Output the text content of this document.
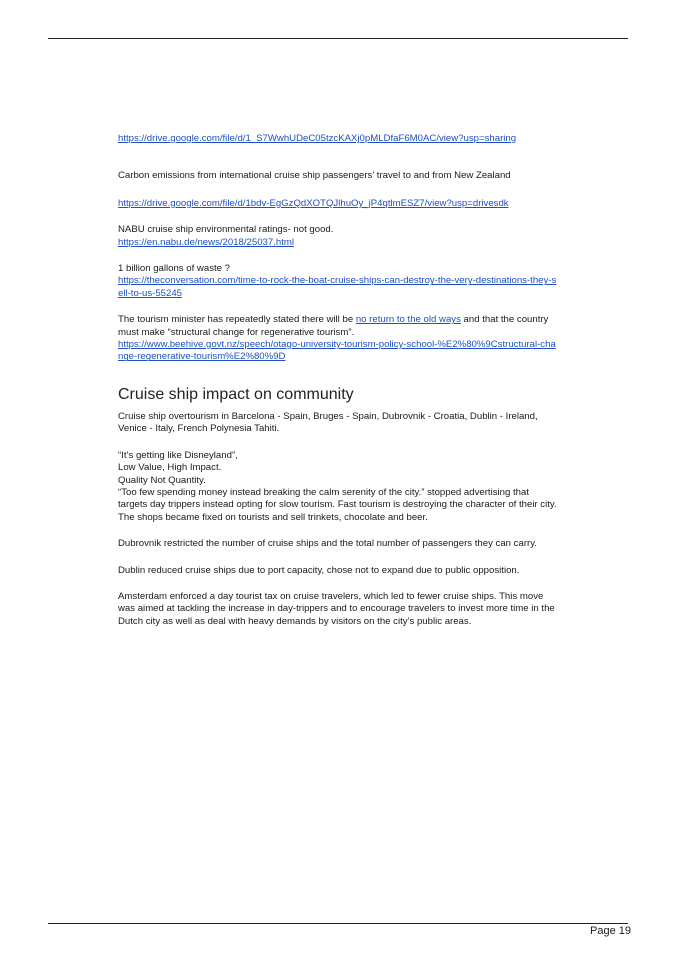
https://drive.google.com/file/d/1_S7WwhUDeC05tzcKAXj0pMLDfaF6M0AC/view?usp=sharing

Carbon emissions from international cruise ship passengers’ travel to and from New Zealand

https://drive.google.com/file/d/1bdv-EgGzQdXOTQJlhuOy_jP4qtlmESZ7/view?usp=drivesdk

NABU cruise ship environmental ratings- not good.

https://en.nabu.de/news/2018/25037.html

1 billion gallons of waste ?

https://theconversation.com/time-to-rock-the-boat-cruise-ships-can-destroy-the-very-destinations-they-sell-to-us-55245

The tourism minister has repeatedly stated there will be no return to the old ways and that the country must make “structural change for regenerative tourism”.

https://www.beehive.govt.nz/speech/otago-university-tourism-policy-school-%E2%80%9Cstructural-change-regenerative-tourism%E2%80%9D

Cruise ship impact on community

Cruise ship overtourism in Barcelona - Spain, Bruges - Spain, Dubrovnik - Croatia, Dublin - Ireland, Venice - Italy, French Polynesia Tahiti.

“It’s getting like Disneyland”,

Low Value, High Impact.

Quality Not Quantity.

“Too few spending money instead breaking the calm serenity of the city.” stopped advertising that targets day trippers instead opting for slow tourism. Fast tourism is destroying the character of their city.

The shops became fixed on tourists and sell trinkets, chocolate and beer.

Dubrovnik restricted the number of cruise ships and the total number of passengers they can carry.

Dublin reduced cruise ships due to port capacity, chose not to expand due to public opposition.

Amsterdam enforced a day tourist tax on cruise travelers, which led to fewer cruise ships. This move was aimed at tackling the increase in day-trippers and to encourage travelers to invest more time in the Dutch city as well as deal with heavy demands by visitors on the city’s public areas.

Page 19
